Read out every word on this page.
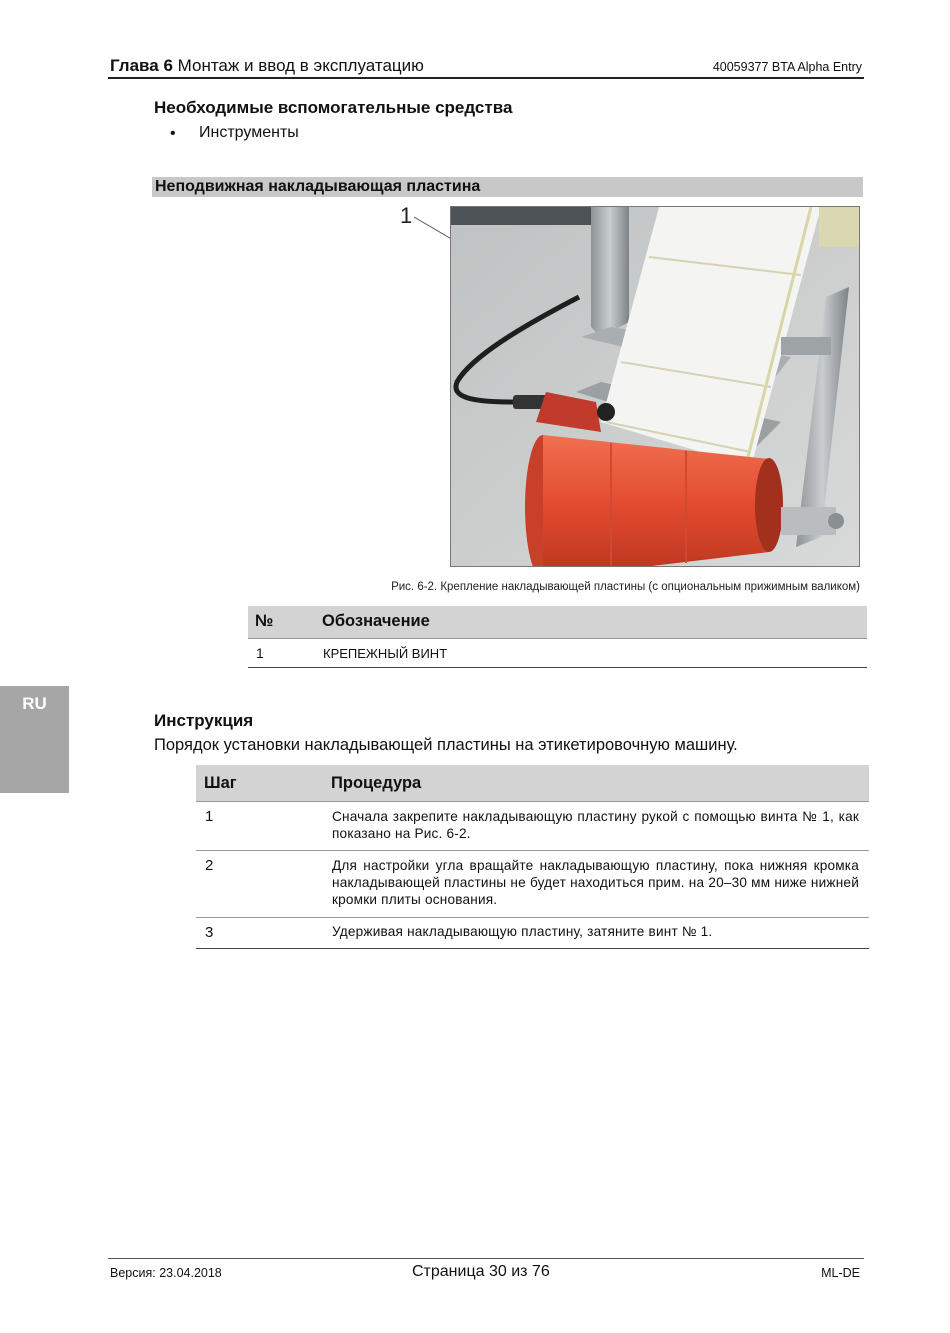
Глава 6 Монтаж и ввод в эксплуатацию	40059377 BTA Alpha Entry
Необходимые вспомогательные средства
• Инструменты
Неподвижная накладывающая пластина
1
Рис. 6-2. Крепление накладывающей пластины (с опциональным прижимным валиком)
№	Обозначение
1	КРЕПЕЖНЫЙ ВИНТ
RU
Инструкция
Порядок установки накладывающей пластины на этикетировочную машину.
Шаг	Процедура
1	Сначала закрепите накладывающую пластину рукой с помощью винта № 1, как показано на Рис. 6-2.
2	Для настройки угла вращайте накладывающую пластину, пока нижняя кромка накладывающей пластины не будет находиться прим. на 20–30 мм ниже нижней кромки плиты основания.
3	Удерживая накладывающую пластину, затяните винт № 1.
Версия: 23.04.2018	Страница 30 из 76	ML-DE
